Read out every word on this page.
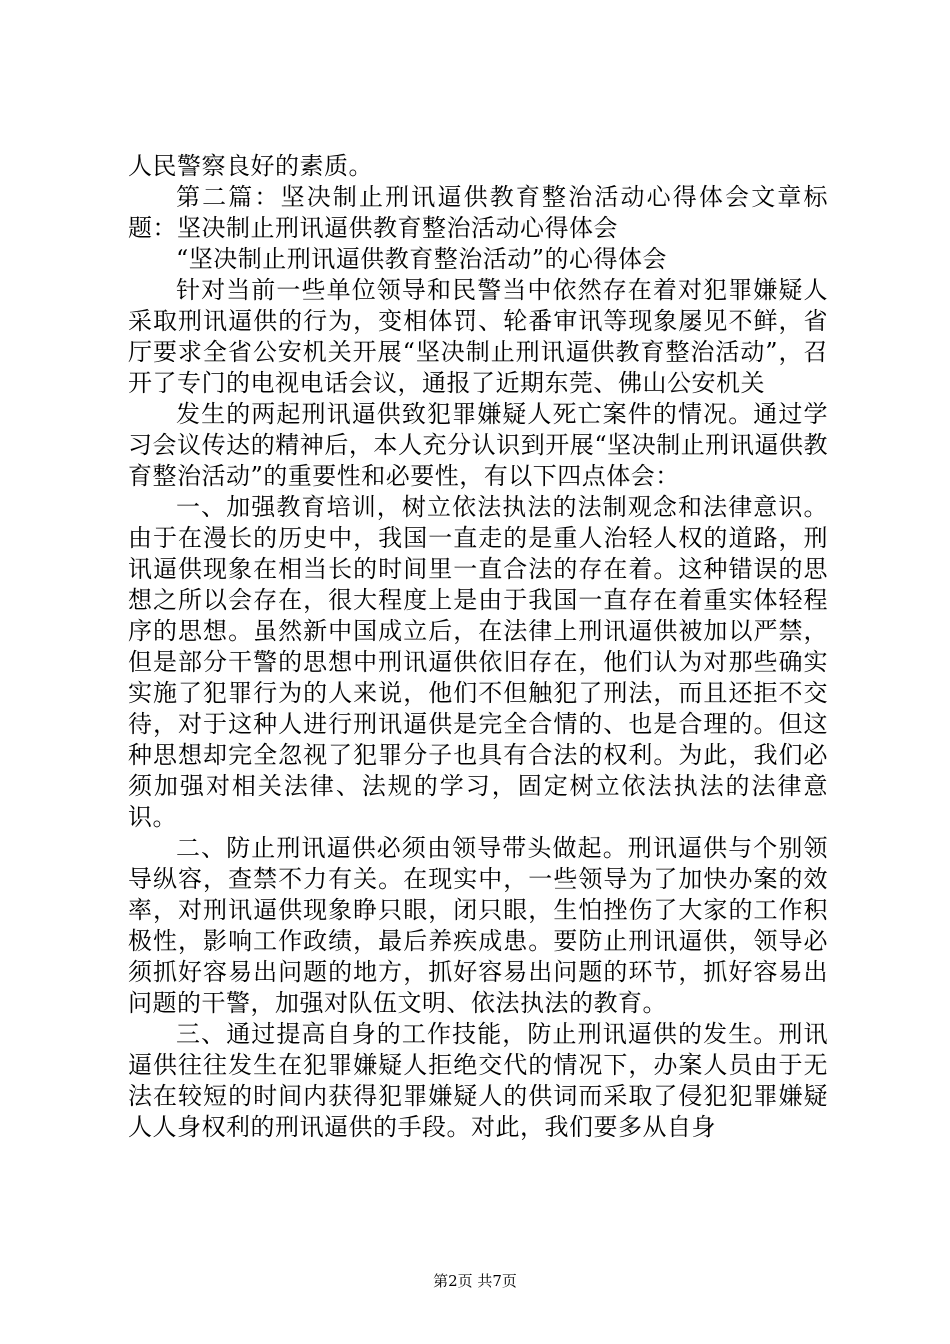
人民警察良好的素质。

第二篇：坚决制止刑讯逼供教育整治活动心得体会文章标题：坚决制止刑讯逼供教育整治活动心得体会

“坚决制止刑讯逼供教育整治活动”的心得体会

针对当前一些单位领导和民警当中依然存在着对犯罪嫌疑人采取刑讯逼供的行为，变相体罚、轮番审讯等现象屡见不鲜，省厅要求全省公安机关开展“坚决制止刑讯逼供教育整治活动”，召开了专门的电视电话会议，通报了近期东莞、佛山公安机关

发生的两起刑讯逼供致犯罪嫌疑人死亡案件的情况。通过学习会议传达的精神后，本人充分认识到开展“坚决制止刑讯逼供教育整治活动”的重要性和必要性，有以下四点体会：

一、加强教育培训，树立依法执法的法制观念和法律意识。由于在漫长的历史中，我国一直走的是重人治轻人权的道路，刑讯逼供现象在相当长的时间里一直合法的存在着。这种错误的思想之所以会存在，很大程度上是由于我国一直存在着重实体轻程序的思想。虽然新中国成立后，在法律上刑讯逼供被加以严禁，但是部分干警的思想中刑讯逼供依旧存在，他们认为对那些确实实施了犯罪行为的人来说，他们不但触犯了刑法，而且还拒不交待，对于这种人进行刑讯逼供是完全合情的、也是合理的。但这种思想却完全忽视了犯罪分子也具有合法的权利。为此，我们必须加强对相关法律、法规的学习，固定树立依法执法的法律意识。

二、防止刑讯逼供必须由领导带头做起。刑讯逼供与个别领导纵容，查禁不力有关。在现实中，一些领导为了加快办案的效率，对刑讯逼供现象睁只眼，闭只眼，生怕挫伤了大家的工作积极性，影响工作政绩，最后养疾成患。要防止刑讯逼供，领导必须抓好容易出问题的地方，抓好容易出问题的环节，抓好容易出问题的干警，加强对队伍文明、依法执法的教育。

三、通过提高自身的工作技能，防止刑讯逼供的发生。刑讯逼供往往发生在犯罪嫌疑人拒绝交代的情况下，办案人员由于无法在较短的时间内获得犯罪嫌疑人的供词而采取了侵犯犯罪嫌疑人人身权利的刑讯逼供的手段。对此，我们要多从自身

第2页 共7页
